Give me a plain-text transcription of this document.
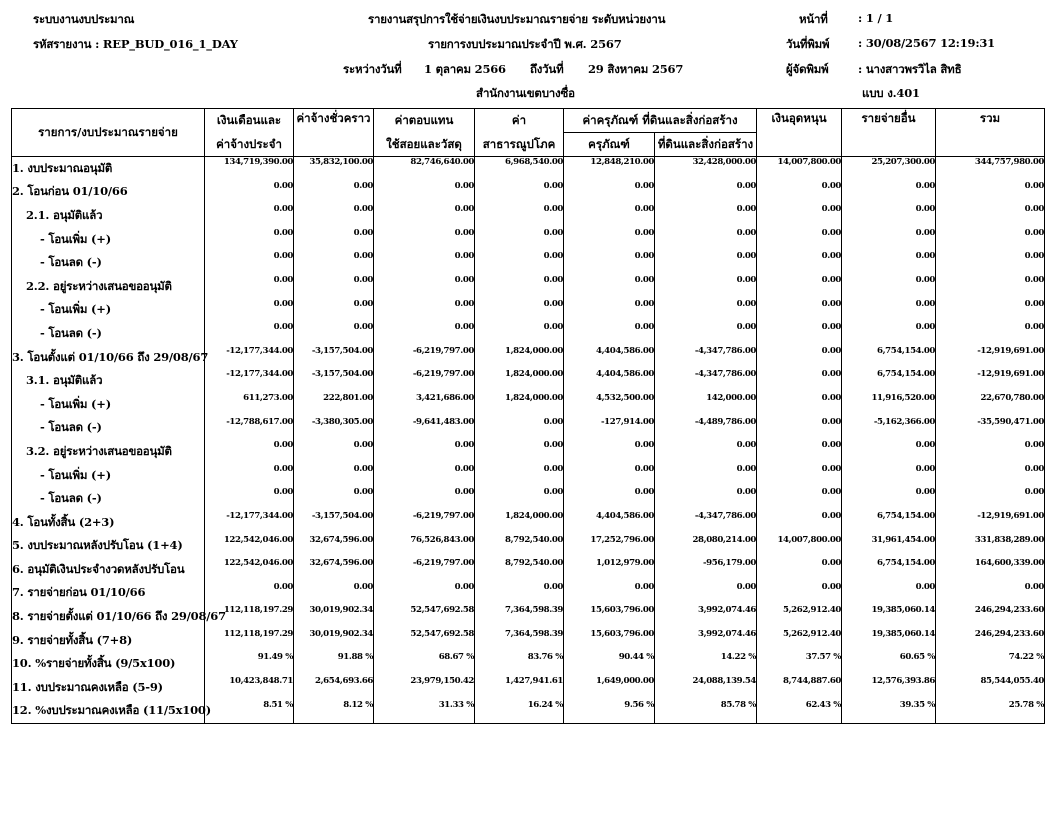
ระบบงานงบประมาณ
รหัสรายงาน : REP_BUD_016_1_DAY
รายงานสรุปการใช้จ่ายเงินงบประมาณรายจ่าย ระดับหน่วยงาน
รายการงบประมาณประจำปี พ.ศ. 2567
ระหว่างวันที่ 1 ตุลาคม 2566 ถึงวันที่ 29 สิงหาคม 2567
สำนักงานเขตบางซื่อ
หน้าที่	: 1 / 1
วันที่พิมพ์ : 30/08/2567 12:19:31
ผู้จัดพิมพ์	: นางสาวพรวิไล สิทธิ
แบบ ง.401
รายการ/งบประมาณรายจ่าย	เงินเดือนและ	ค่าจ้างชั่วคราว	ค่าตอบแทน	ค่า	ค่าครุภัณฑ์ ที่ดินและสิ่งก่อสร้าง		เงินอุดหนุน	รายจ่ายอื่น	รวม
	ค่าจ้างประจำ		ใช้สอยและวัสดุ	สาธารณูปโภค	ครุภัณฑ์	ที่ดินและสิ่งก่อสร้าง			
1. งบประมาณอนุมัติ	134,719,390.00	35,832,100.00	82,746,640.00	6,968,540.00	12,848,210.00	32,428,000.00	14,007,800.00	25,207,300.00	344,757,980.00
2. โอนก่อน 01/10/66	0.00	0.00	0.00	0.00	0.00	0.00	0.00	0.00	0.00
2.1. อนุมัติแล้ว	0.00	0.00	0.00	0.00	0.00	0.00	0.00	0.00	0.00
- โอนเพิ่ม (+)	0.00	0.00	0.00	0.00	0.00	0.00	0.00	0.00	0.00
- โอนลด (-)	0.00	0.00	0.00	0.00	0.00	0.00	0.00	0.00	0.00
2.2. อยู่ระหว่างเสนอขออนุมัติ	0.00	0.00	0.00	0.00	0.00	0.00	0.00	0.00	0.00
- โอนเพิ่ม (+)	0.00	0.00	0.00	0.00	0.00	0.00	0.00	0.00	0.00
- โอนลด (-)	0.00	0.00	0.00	0.00	0.00	0.00	0.00	0.00	0.00
3. โอนตั้งแต่ 01/10/66 ถึง 29/08/67	-12,177,344.00	-3,157,504.00	-6,219,797.00	1,824,000.00	4,404,586.00	-4,347,786.00	0.00	6,754,154.00	-12,919,691.00
3.1. อนุมัติแล้ว	-12,177,344.00	-3,157,504.00	-6,219,797.00	1,824,000.00	4,404,586.00	-4,347,786.00	0.00	6,754,154.00	-12,919,691.00
- โอนเพิ่ม (+)	611,273.00	222,801.00	3,421,686.00	1,824,000.00	4,532,500.00	142,000.00	0.00	11,916,520.00	22,670,780.00
- โอนลด (-)	-12,788,617.00	-3,380,305.00	-9,641,483.00	0.00	-127,914.00	-4,489,786.00	0.00	-5,162,366.00	-35,590,471.00
3.2. อยู่ระหว่างเสนอขออนุมัติ	0.00	0.00	0.00	0.00	0.00	0.00	0.00	0.00	0.00
- โอนเพิ่ม (+)	0.00	0.00	0.00	0.00	0.00	0.00	0.00	0.00	0.00
- โอนลด (-)	0.00	0.00	0.00	0.00	0.00	0.00	0.00	0.00	0.00
4. โอนทั้งสิ้น (2+3)	-12,177,344.00	-3,157,504.00	-6,219,797.00	1,824,000.00	4,404,586.00	-4,347,786.00	0.00	6,754,154.00	-12,919,691.00
5. งบประมาณหลังปรับโอน (1+4)	122,542,046.00	32,674,596.00	76,526,843.00	8,792,540.00	17,252,796.00	28,080,214.00	14,007,800.00	31,961,454.00	331,838,289.00
6. อนุมัติเงินประจำงวดหลังปรับโอน	122,542,046.00	32,674,596.00	-6,219,797.00	8,792,540.00	1,012,979.00	-956,179.00	0.00	6,754,154.00	164,600,339.00
7. รายจ่ายก่อน 01/10/66	0.00	0.00	0.00	0.00	0.00	0.00	0.00	0.00	0.00
8. รายจ่ายตั้งแต่ 01/10/66 ถึง 29/08/67	112,118,197.29	30,019,902.34	52,547,692.58	7,364,598.39	15,603,796.00	3,992,074.46	5,262,912.40	19,385,060.14	246,294,233.60
9. รายจ่ายทั้งสิ้น (7+8)	112,118,197.29	30,019,902.34	52,547,692.58	7,364,598.39	15,603,796.00	3,992,074.46	5,262,912.40	19,385,060.14	246,294,233.60
10. %รายจ่ายทั้งสิ้น (9/5x100)	91.49 %	91.88 %	68.67 %	83.76 %	90.44 %	14.22 %	37.57 %	60.65 %	74.22 %
11. งบประมาณคงเหลือ (5-9)	10,423,848.71	2,654,693.66	23,979,150.42	1,427,941.61	1,649,000.00	24,088,139.54	8,744,887.60	12,576,393.86	85,544,055.40
12. %งบประมาณคงเหลือ (11/5x100)	8.51 %	8.12 %	31.33 %	16.24 %	9.56 %	85.78 %	62.43 %	39.35 %	25.78 %
